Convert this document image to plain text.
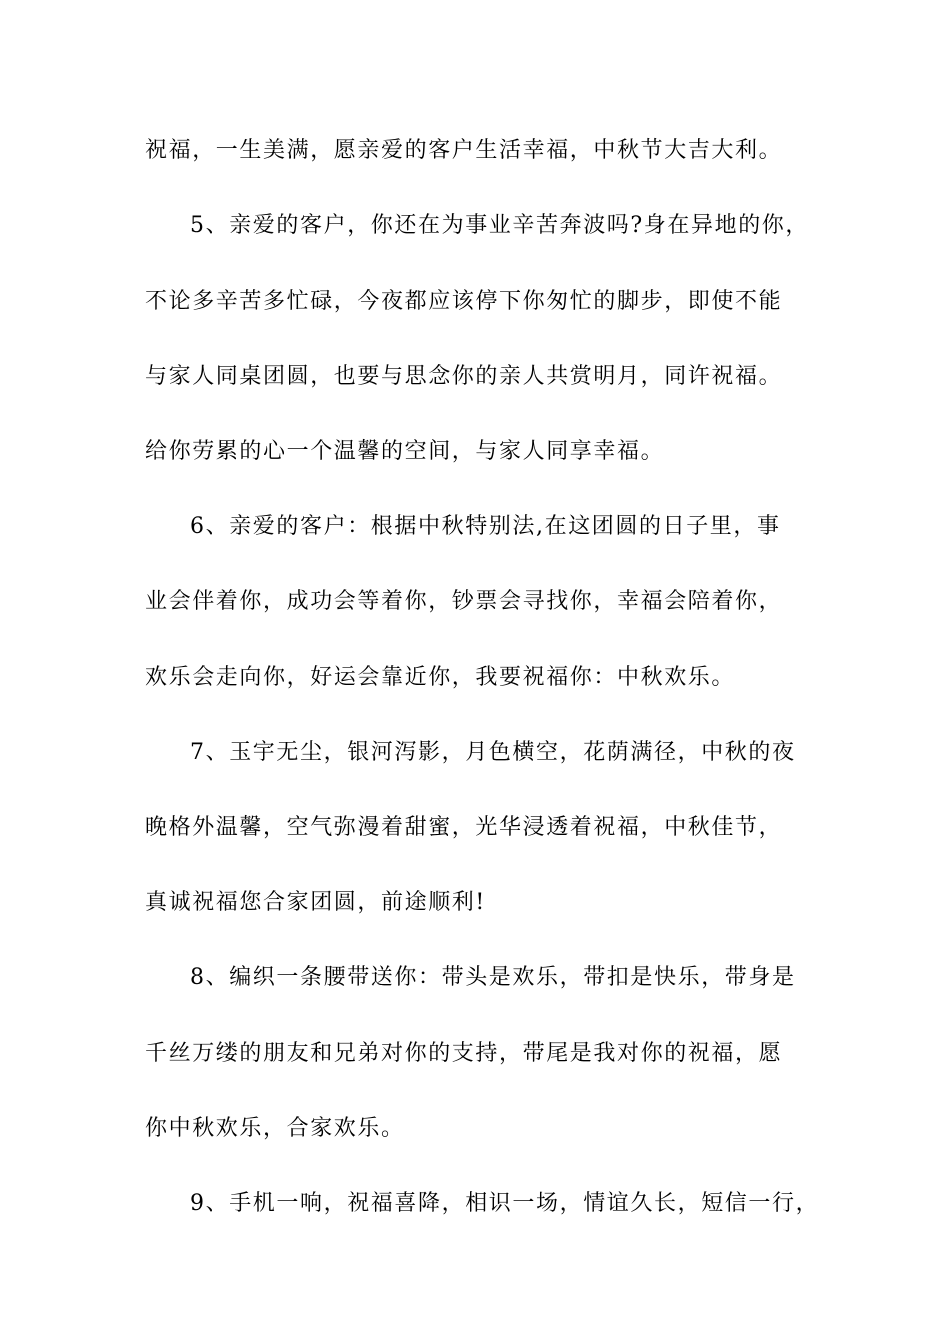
祝福，一生美满，愿亲爱的客户生活幸福，中秋节大吉大利。
5、亲爱的客户，你还在为事业辛苦奔波吗?身在异地的你，
不论多辛苦多忙碌，今夜都应该停下你匆忙的脚步，即使不能
与家人同桌团圆，也要与思念你的亲人共赏明月，同许祝福。
给你劳累的心一个温馨的空间，与家人同享幸福。
6、亲爱的客户：根据中秋特别法,在这团圆的日子里，事
业会伴着你，成功会等着你，钞票会寻找你，幸福会陪着你，
欢乐会走向你，好运会靠近你，我要祝福你：中秋欢乐。
7、玉宇无尘，银河泻影，月色横空，花荫满径，中秋的夜
晚格外温馨，空气弥漫着甜蜜，光华浸透着祝福，中秋佳节，
真诚祝福您合家团圆，前途顺利!
8、编织一条腰带送你：带头是欢乐，带扣是快乐，带身是
千丝万缕的朋友和兄弟对你的支持，带尾是我对你的祝福，愿
你中秋欢乐，合家欢乐。
9、手机一响，祝福喜降，相识一场，情谊久长，短信一行，
